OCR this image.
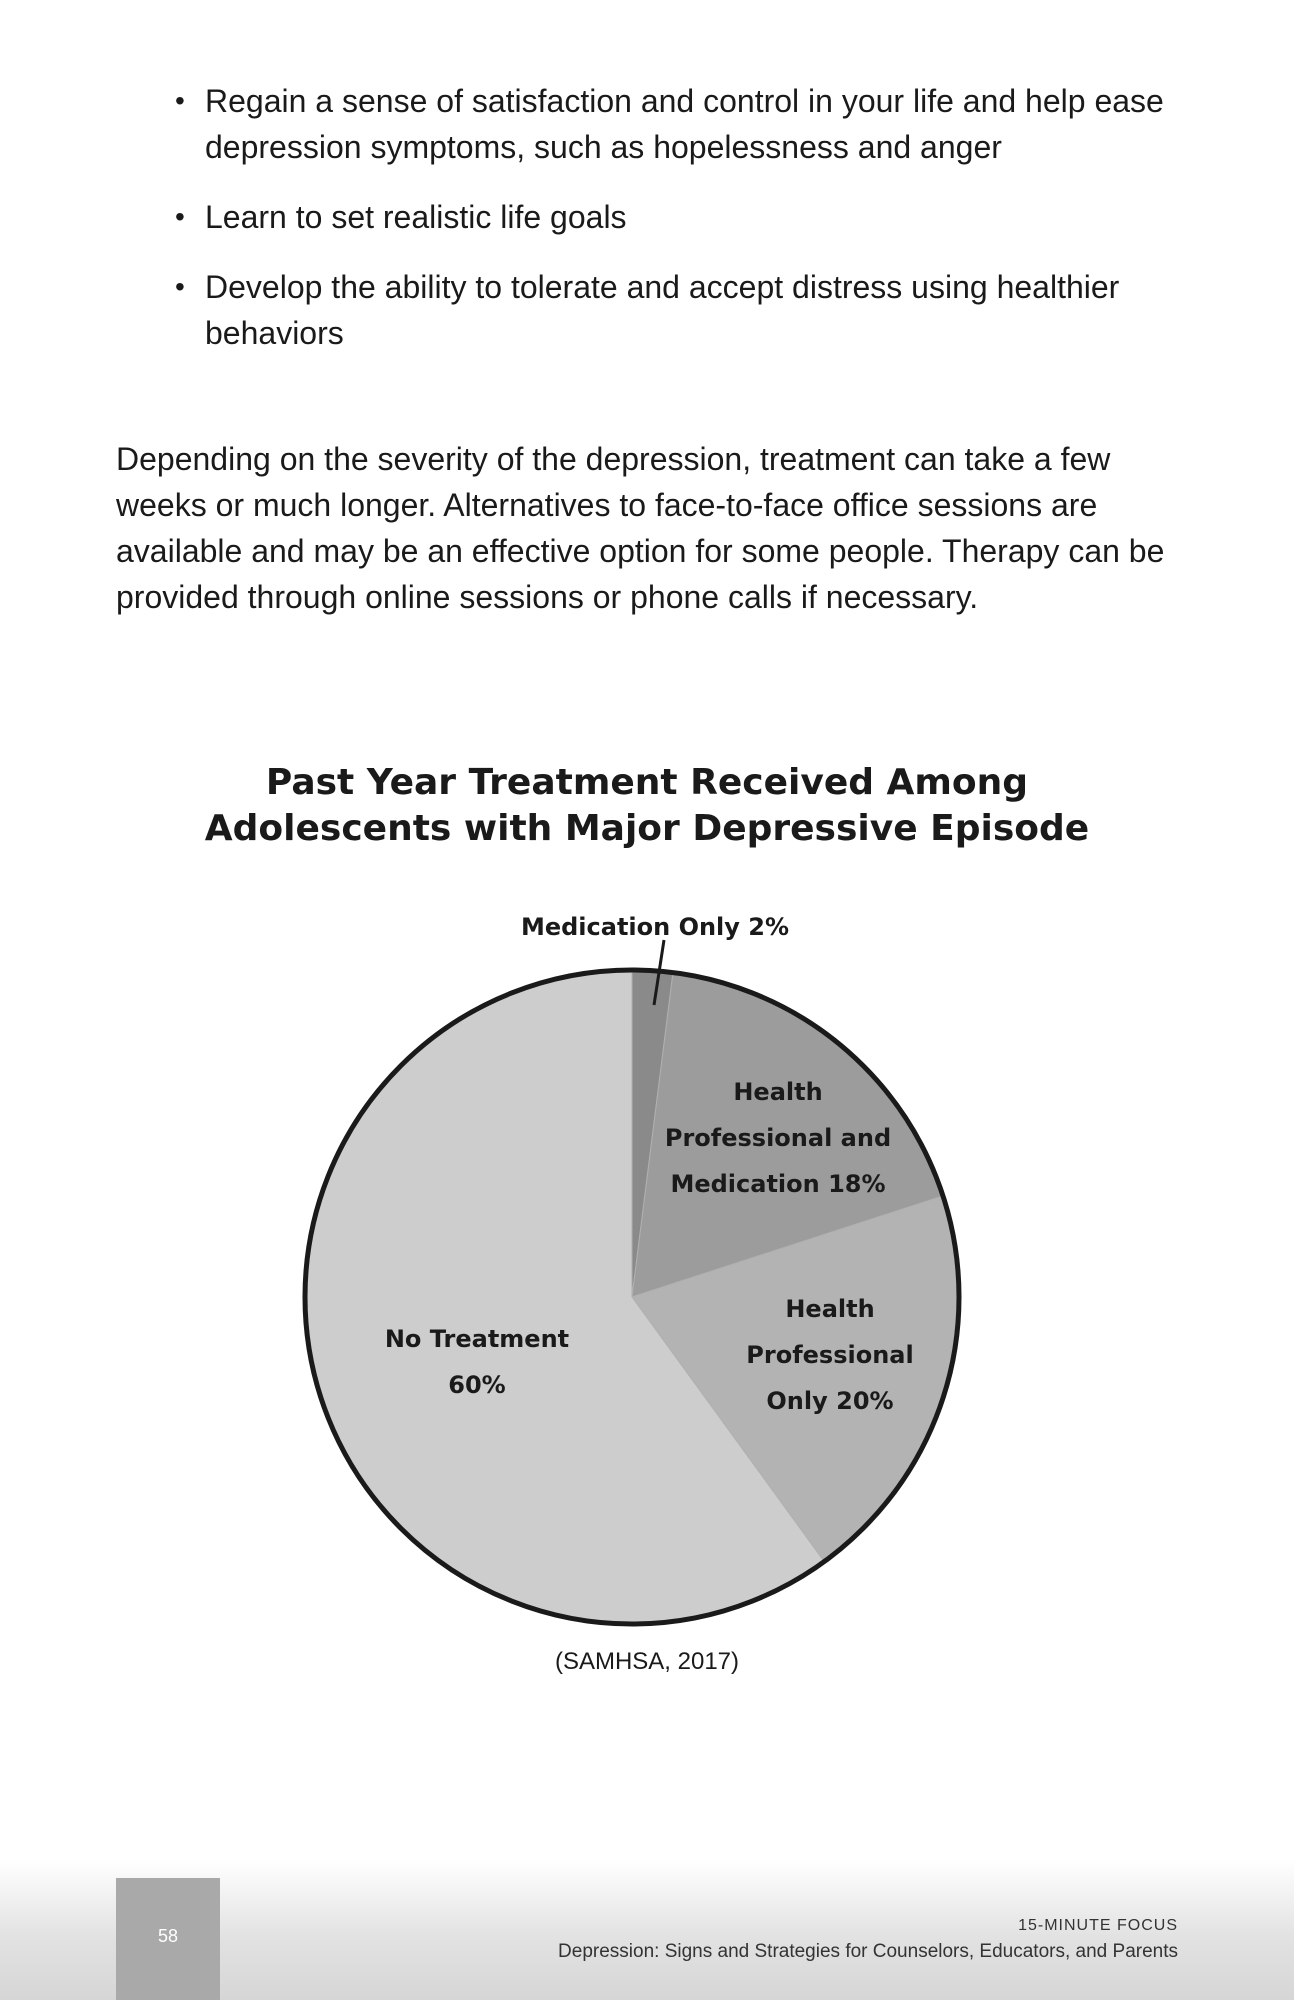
• Regain a sense of satisfaction and control in your life and help ease depression symptoms, such as hopelessness and anger
• Learn to set realistic life goals
• Develop the ability to tolerate and accept distress using healthier behaviors

Depending on the severity of the depression, treatment can take a few weeks or much longer. Alternatives to face-to-face office sessions are available and may be an effective option for some people. Therapy can be provided through online sessions or phone calls if necessary.

Past Year Treatment Received Among
Adolescents with Major Depressive Episode
Medication Only 2%
Health Professional and Medication 18%
Health Professional Only 20%
No Treatment 60%
(SAMHSA, 2017)
58
15-MINUTE FOCUS
Depression: Signs and Strategies for Counselors, Educators, and Parents
